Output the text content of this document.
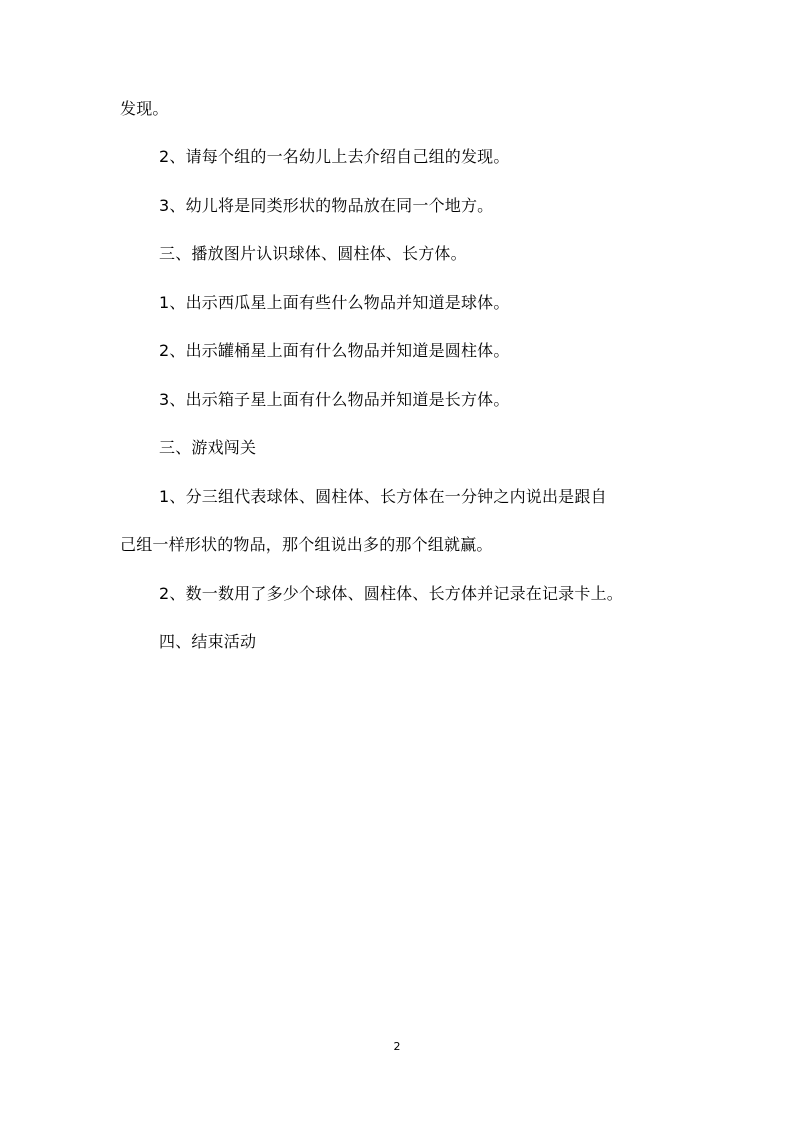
发现。
2、请每个组的一名幼儿上去介绍自己组的发现。
3、幼儿将是同类形状的物品放在同一个地方。
三、播放图片认识球体、圆柱体、长方体。
1、出示西瓜星上面有些什么物品并知道是球体。
2、出示罐桶星上面有什么物品并知道是圆柱体。
3、出示箱子星上面有什么物品并知道是长方体。
三、游戏闯关
1、分三组代表球体、圆柱体、长方体在一分钟之内说出是跟自
己组一样形状的物品，那个组说出多的那个组就赢。
2、数一数用了多少个球体、圆柱体、长方体并记录在记录卡上。
四、结束活动
2
